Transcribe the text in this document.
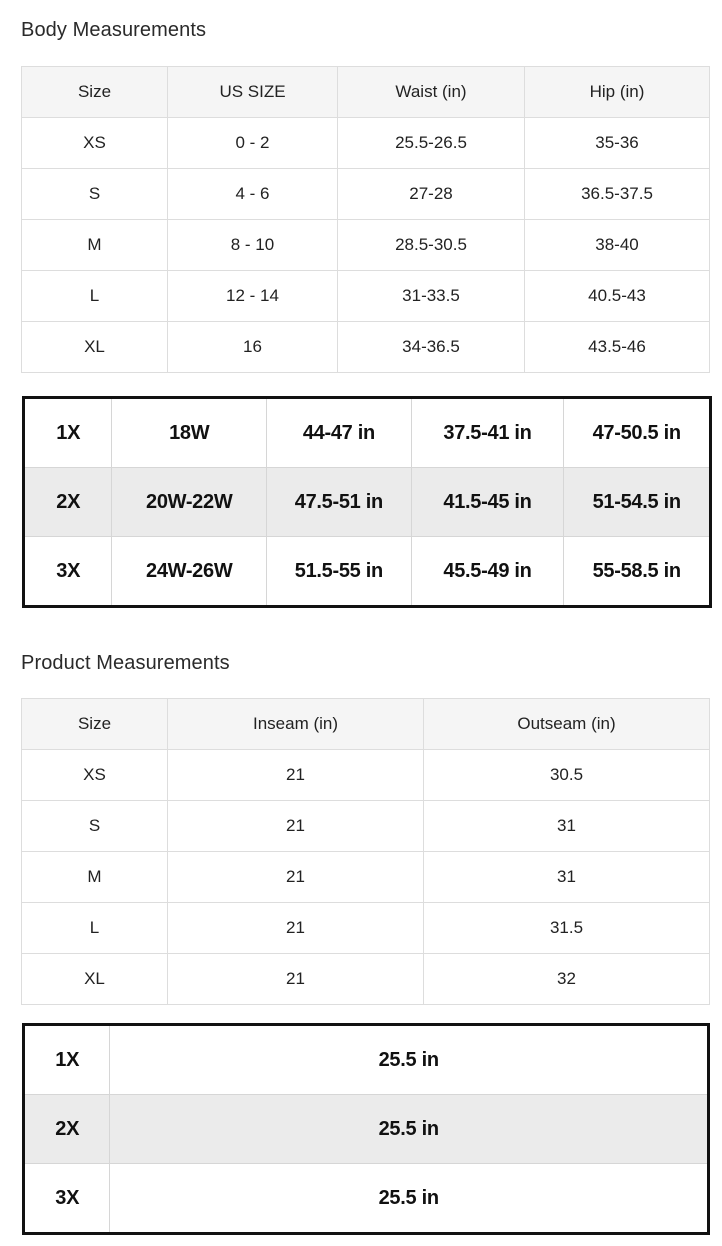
Body Measurements
Size	US SIZE	Waist (in)	Hip (in)
XS	0 - 2	25.5-26.5	35-36
S	4 - 6	27-28	36.5-37.5
M	8 - 10	28.5-30.5	38-40
L	12 - 14	31-33.5	40.5-43
XL	16	34-36.5	43.5-46
1X	18W	44-47 in	37.5-41 in	47-50.5 in
2X	20W-22W	47.5-51 in	41.5-45 in	51-54.5 in
3X	24W-26W	51.5-55 in	45.5-49 in	55-58.5 in
Product Measurements
Size	Inseam (in)	Outseam (in)
XS	21	30.5
S	21	31
M	21	31
L	21	31.5
XL	21	32
1X	25.5 in
2X	25.5 in
3X	25.5 in
